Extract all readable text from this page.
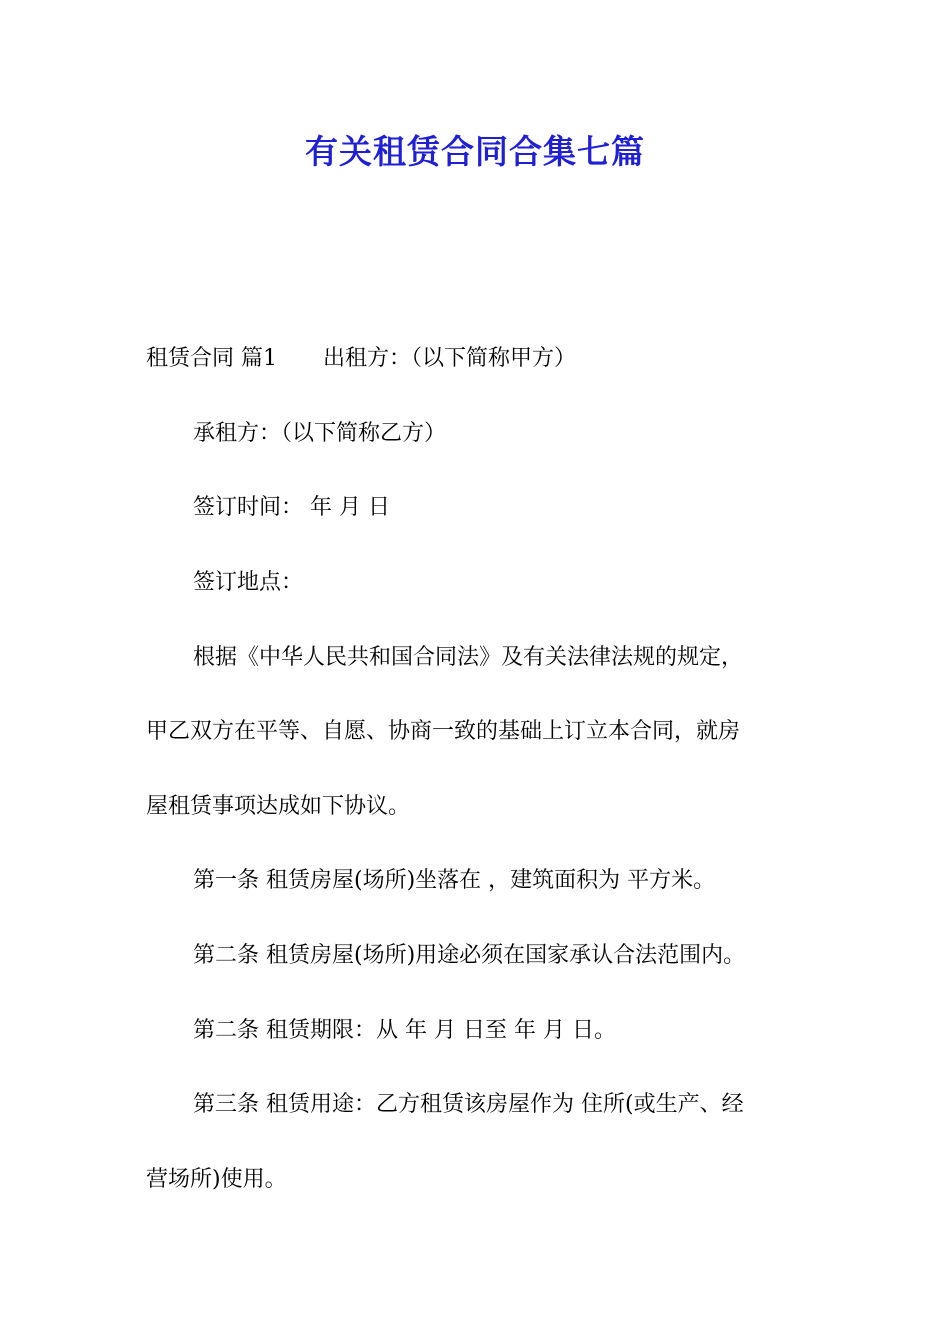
有关租赁合同合集七篇

租赁合同 篇1 出租方：（以下简称甲方）

承租方：（以下简称乙方）

签订时间： 年 月 日

签订地点：

根据《中华人民共和国合同法》及有关法律法规的规定，

甲乙双方在平等、自愿、协商一致的基础上订立本合同，就房

屋租赁事项达成如下协议。

第一条 租赁房屋(场所)坐落在 ，建筑面积为 平方米。

第二条 租赁房屋(场所)用途必须在国家承认合法范围内。

第二条 租赁期限：从 年 月 日至 年 月 日。

第三条 租赁用途：乙方租赁该房屋作为 住所(或生产、经

营场所)使用。
